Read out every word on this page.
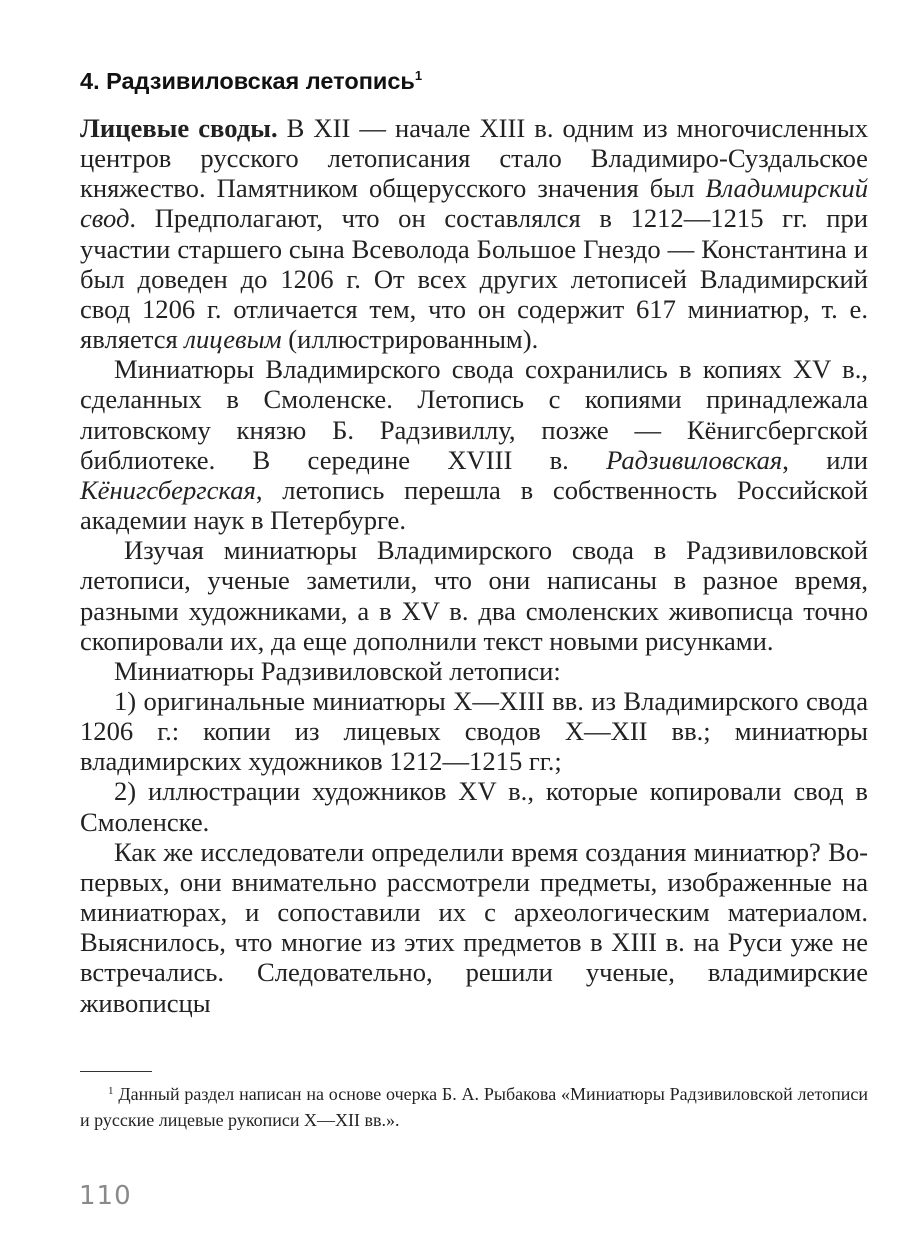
4. Радзивиловская летопись$^1$

Лицевые своды. В XII — начале XIII в. одним из многочисленных центров русского летописания стало Владимиро-Суздальское княжество. Памятником общерусского значения был Владимирский свод. Предполагают, что он составлялся в 1212—1215 гг. при участии старшего сына Всеволода Большое Гнездо — Константина и был доведен до 1206 г. От всех других летописей Владимирский свод 1206 г. отличается тем, что он содержит 617 миниатюр, т. е. является лицевым (иллюстрированным).

Миниатюры Владимирского свода сохранились в копиях XV в., сделанных в Смоленске. Летопись с копиями принадлежала литовскому князю Б. Радзивиллу, позже — Кёнигсбергской библиотеке. В середине XVIII в. Радзивиловская, или Кёнигсбергская, летопись перешла в собственность Российской академии наук в Петербурге.

Изучая миниатюры Владимирского свода в Радзивиловской летописи, ученые заметили, что они написаны в разное время, разными художниками, а в XV в. два смоленских живописца точно скопировали их, да еще дополнили текст новыми рисунками.

Миниатюры Радзивиловской летописи:

1) оригинальные миниатюры X—XIII вв. из Владимирского свода 1206 г.: копии из лицевых сводов X—XII вв.; миниатюры владимирских художников 1212—1215 гг.;

2) иллюстрации художников XV в., которые копировали свод в Смоленске.

Как же исследователи определили время создания миниатюр? Во-первых, они внимательно рассмотрели предметы, изображенные на миниатюрах, и сопоставили их с археологическим материалом. Выяснилось, что многие из этих предметов в XIII в. на Руси уже не встречались. Следовательно, решили ученые, владимирские живописцы

$^1$ Данный раздел написан на основе очерка Б. А. Рыбакова «Миниатюры Радзивиловской летописи и русские лицевые рукописи X—XII вв.».

110
